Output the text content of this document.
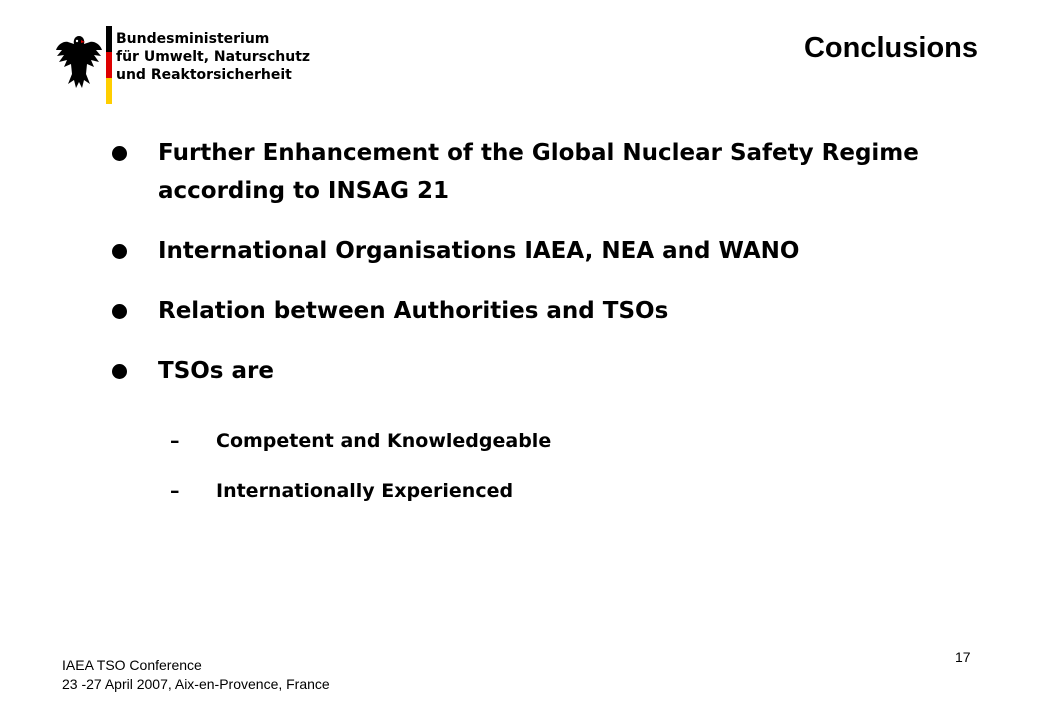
Bundesministerium
für Umwelt, Naturschutz
und Reaktorsicherheit
Conclusions
Further Enhancement of the Global Nuclear Safety Regime according to INSAG 21
International Organisations IAEA, NEA and WANO
Relation between Authorities and TSOs
TSOs are
– Competent and Knowledgeable
– Internationally Experienced
IAEA TSO Conference
23 -27 April 2007, Aix-en-Provence, France
17
